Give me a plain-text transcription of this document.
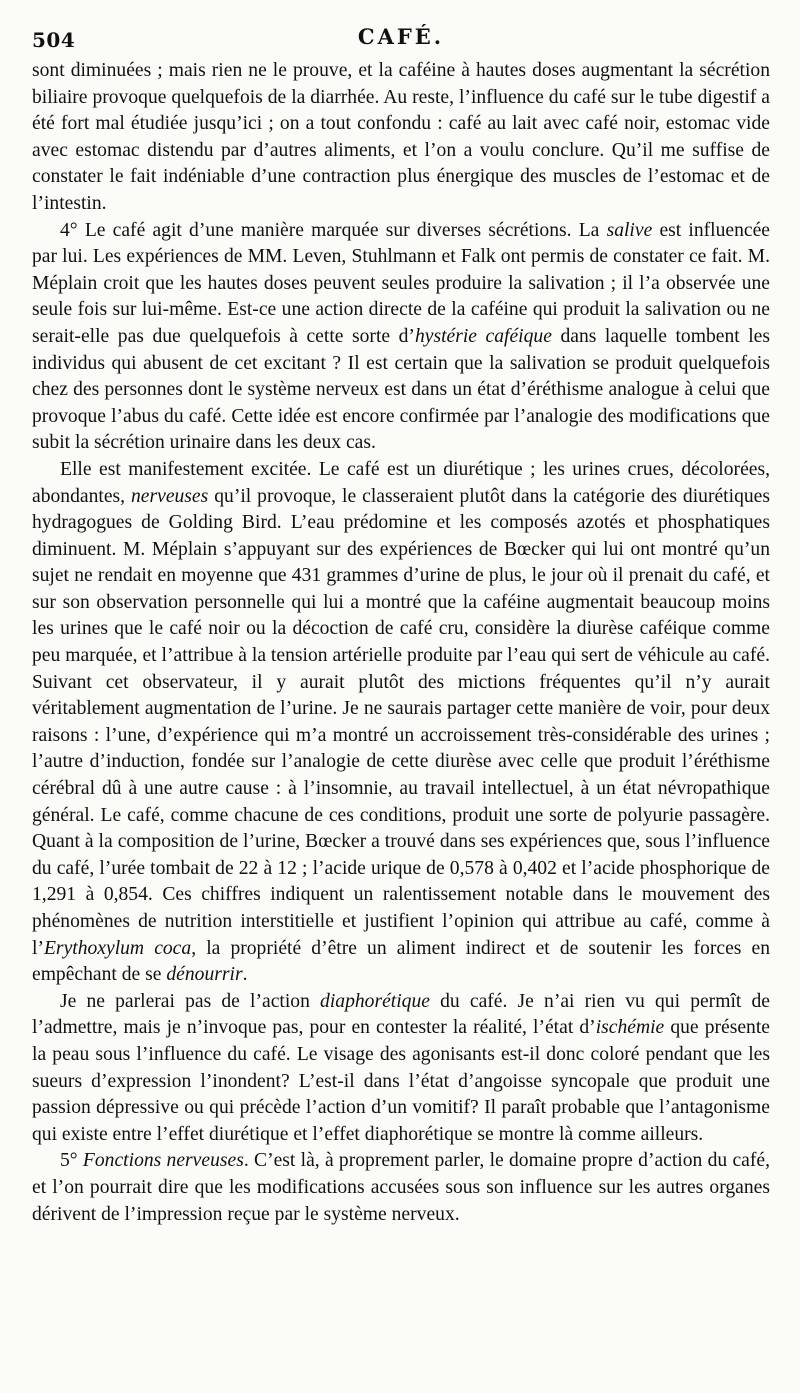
504	CAFÉ.

sont diminuées ; mais rien ne le prouve, et la caféine à hautes doses augmentant la sécrétion biliaire provoque quelquefois de la diarrhée. Au reste, l’influence du café sur le tube digestif a été fort mal étudiée jusqu’ici ; on a tout confondu : café au lait avec café noir, estomac vide avec estomac distendu par d’autres aliments, et l’on a voulu conclure. Qu’il me suffise de constater le fait indéniable d’une contraction plus énergique des muscles de l’estomac et de l’intestin.

4° Le café agit d’une manière marquée sur diverses sécrétions. La salive est influencée par lui. Les expériences de MM. Leven, Stuhlmann et Falk ont permis de constater ce fait. M. Méplain croit que les hautes doses peuvent seules produire la salivation ; il l’a observée une seule fois sur lui-même. Est-ce une action directe de la caféine qui produit la salivation ou ne serait-elle pas due quelquefois à cette sorte d’hystérie caféique dans laquelle tombent les individus qui abusent de cet excitant ? Il est certain que la salivation se produit quelquefois chez des personnes dont le système nerveux est dans un état d’éréthisme analogue à celui que provoque l’abus du café. Cette idée est encore confirmée par l’analogie des modifications que subit la sécrétion urinaire dans les deux cas.

Elle est manifestement excitée. Le café est un diurétique ; les urines crues, décolorées, abondantes, nerveuses qu’il provoque, le classeraient plutôt dans la catégorie des diurétiques hydragogues de Golding Bird. L’eau prédomine et les composés azotés et phosphatiques diminuent. M. Méplain s’appuyant sur des expériences de Bœcker qui lui ont montré qu’un sujet ne rendait en moyenne que 431 grammes d’urine de plus, le jour où il prenait du café, et sur son observation personnelle qui lui a montré que la caféine augmentait beaucoup moins les urines que le café noir ou la décoction de café cru, considère la diurèse caféique comme peu marquée, et l’attribue à la tension artérielle produite par l’eau qui sert de véhicule au café. Suivant cet observateur, il y aurait plutôt des mictions fréquentes qu’il n’y aurait véritablement augmentation de l’urine. Je ne saurais partager cette manière de voir, pour deux raisons : l’une, d’expérience qui m’a montré un accroissement très-considérable des urines ; l’autre d’induction, fondée sur l’analogie de cette diurèse avec celle que produit l’éréthisme cérébral dû à une autre cause : à l’insomnie, au travail intellectuel, à un état névropathique général. Le café, comme chacune de ces conditions, produit une sorte de polyurie passagère. Quant à la composition de l’urine, Bœcker a trouvé dans ses expériences que, sous l’influence du café, l’urée tombait de 22 à 12 ; l’acide urique de 0,578 à 0,402 et l’acide phosphorique de 1,291 à 0,854. Ces chiffres indiquent un ralentissement notable dans le mouvement des phénomènes de nutrition interstitielle et justifient l’opinion qui attribue au café, comme à l’Erythoxylum coca, la propriété d’être un aliment indirect et de soutenir les forces en empêchant de se dénourrir.

Je ne parlerai pas de l’action diaphorétique du café. Je n’ai rien vu qui permît de l’admettre, mais je n’invoque pas, pour en contester la réalité, l’état d’ischémie que présente la peau sous l’influence du café. Le visage des agonisants est-il donc coloré pendant que les sueurs d’expression l’inondent? L’est-il dans l’état d’angoisse syncopale que produit une passion dépressive ou qui précède l’action d’un vomitif? Il paraît probable que l’antagonisme qui existe entre l’effet diurétique et l’effet diaphorétique se montre là comme ailleurs.

5° Fonctions nerveuses. C’est là, à proprement parler, le domaine propre d’action du café, et l’on pourrait dire que les modifications accusées sous son influence sur les autres organes dérivent de l’impression reçue par le système nerveux.
